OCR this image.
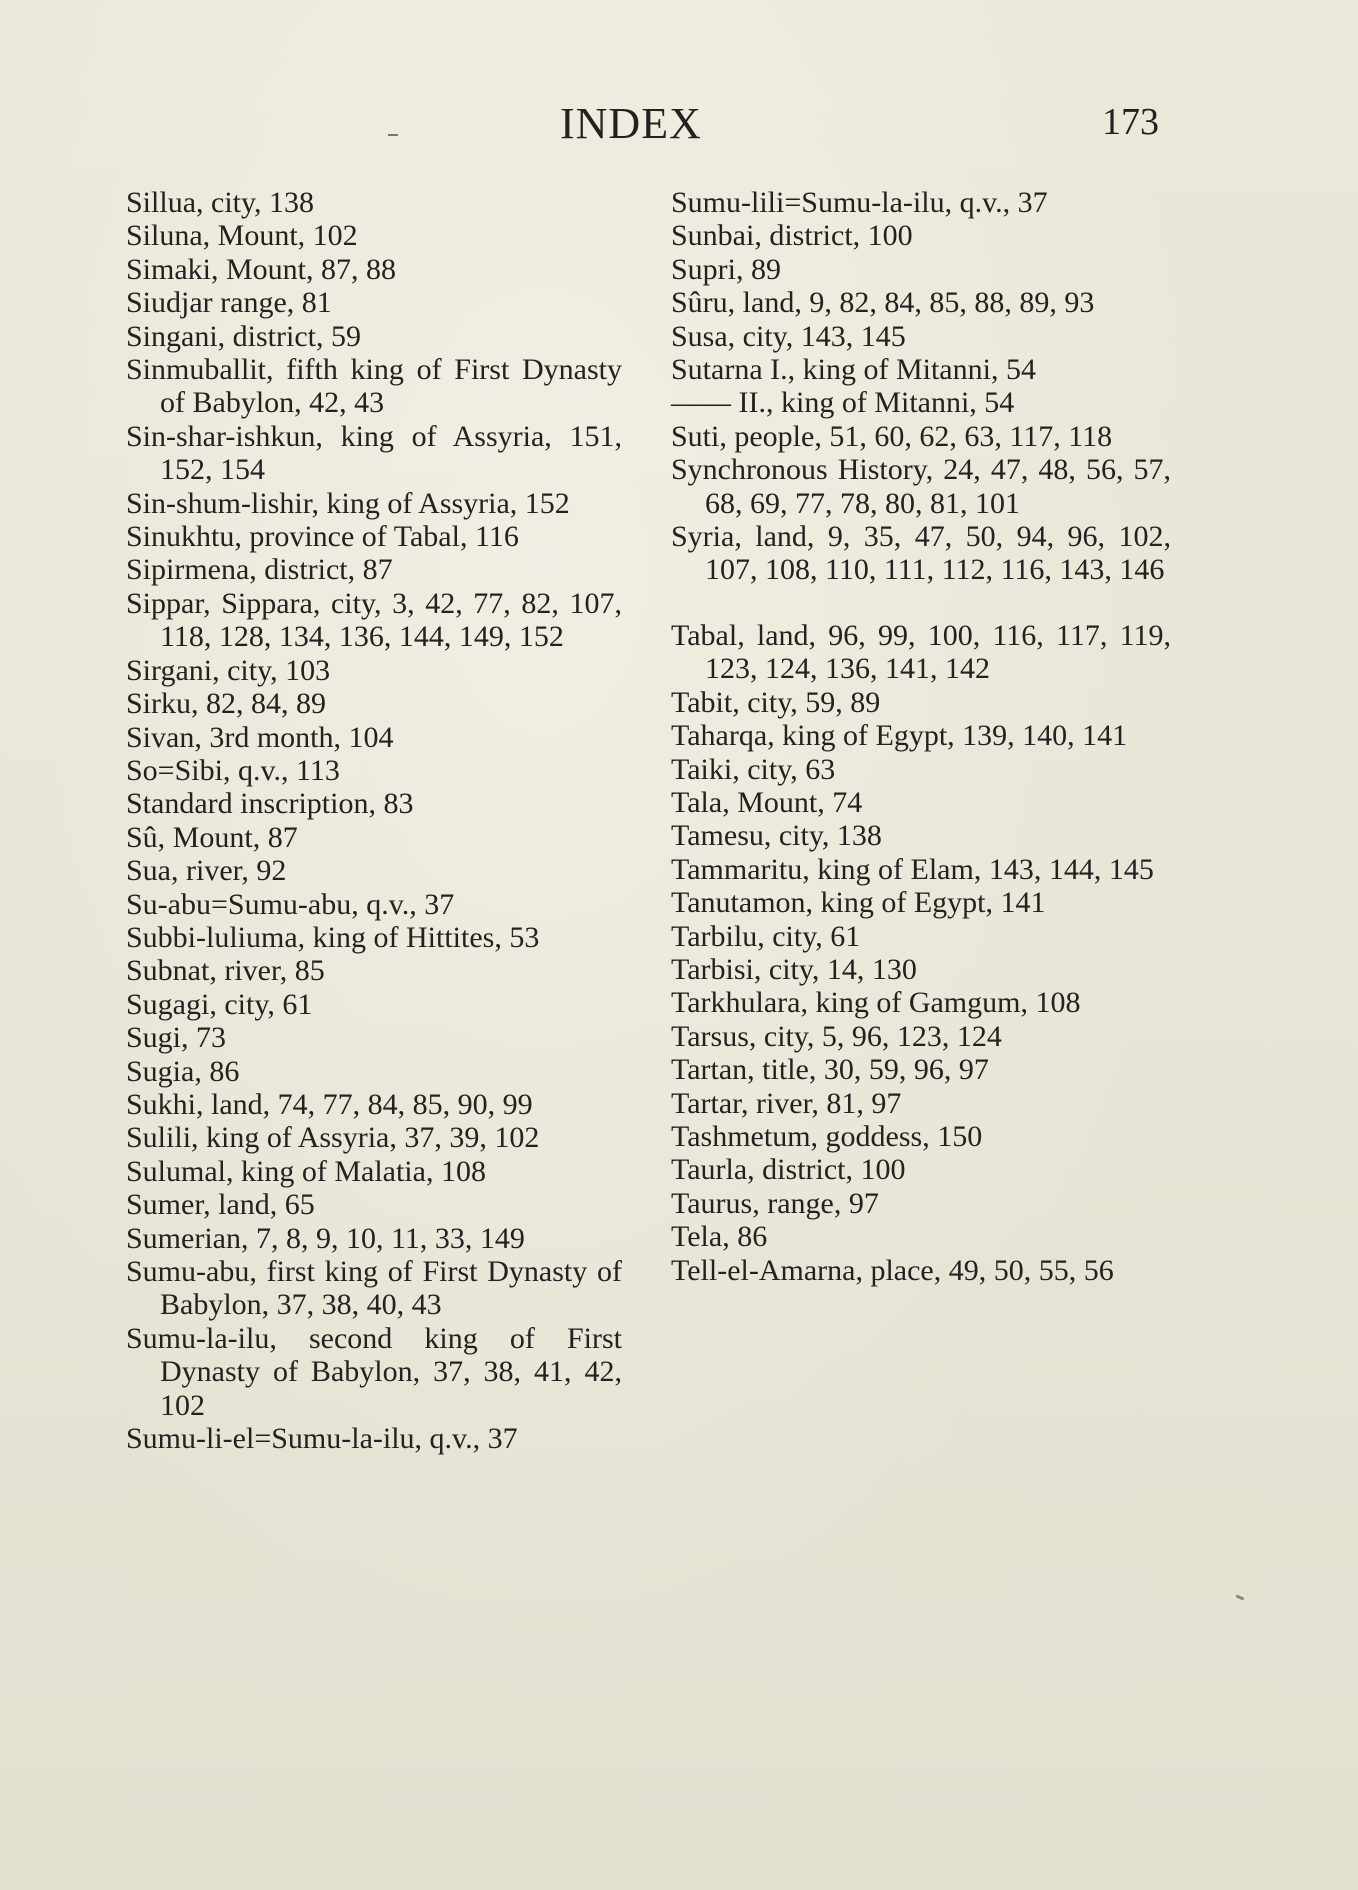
INDEX	173
Sillua, city, 138
Siluna, Mount, 102
Simaki, Mount, 87, 88
Siudjar range, 81
Singani, district, 59
Sinmuballit, fifth king of First Dynasty of Babylon, 42, 43
Sin-shar-ishkun, king of Assyria, 151, 152, 154
Sin-shum-lishir, king of Assyria, 152
Sinukhtu, province of Tabal, 116
Sipirmena, district, 87
Sippar, Sippara, city, 3, 42, 77, 82, 107, 118, 128, 134, 136, 144, 149, 152
Sirgani, city, 103
Sirku, 82, 84, 89
Sivan, 3rd month, 104
So=Sibi, q.v., 113
Standard inscription, 83
Sû, Mount, 87
Sua, river, 92
Su-abu=Sumu-abu, q.v., 37
Subbi-luliuma, king of Hittites, 53
Subnat, river, 85
Sugagi, city, 61
Sugi, 73
Sugia, 86
Sukhi, land, 74, 77, 84, 85, 90, 99
Sulili, king of Assyria, 37, 39, 102
Sulumal, king of Malatia, 108
Sumer, land, 65
Sumerian, 7, 8, 9, 10, 11, 33, 149
Sumu-abu, first king of First Dynasty of Babylon, 37, 38, 40, 43
Sumu-la-ilu, second king of First Dynasty of Babylon, 37, 38, 41, 42, 102
Sumu-li-el=Sumu-la-ilu, q.v., 37
Sumu-lili=Sumu-la-ilu, q.v., 37
Sunbai, district, 100
Supri, 89
Sûru, land, 9, 82, 84, 85, 88, 89, 93
Susa, city, 143, 145
Sutarna I., king of Mitanni, 54
—— II., king of Mitanni, 54
Suti, people, 51, 60, 62, 63, 117, 118
Synchronous History, 24, 47, 48, 56, 57, 68, 69, 77, 78, 80, 81, 101
Syria, land, 9, 35, 47, 50, 94, 96, 102, 107, 108, 110, 111, 112, 116, 143, 146
Tabal, land, 96, 99, 100, 116, 117, 119, 123, 124, 136, 141, 142
Tabit, city, 59, 89
Taharqa, king of Egypt, 139, 140, 141
Taiki, city, 63
Tala, Mount, 74
Tamesu, city, 138
Tammaritu, king of Elam, 143, 144, 145
Tanutamon, king of Egypt, 141
Tarbilu, city, 61
Tarbisi, city, 14, 130
Tarkhulara, king of Gamgum, 108
Tarsus, city, 5, 96, 123, 124
Tartan, title, 30, 59, 96, 97
Tartar, river, 81, 97
Tashmetum, goddess, 150
Taurla, district, 100
Taurus, range, 97
Tela, 86
Tell-el-Amarna, place, 49, 50, 55, 56
